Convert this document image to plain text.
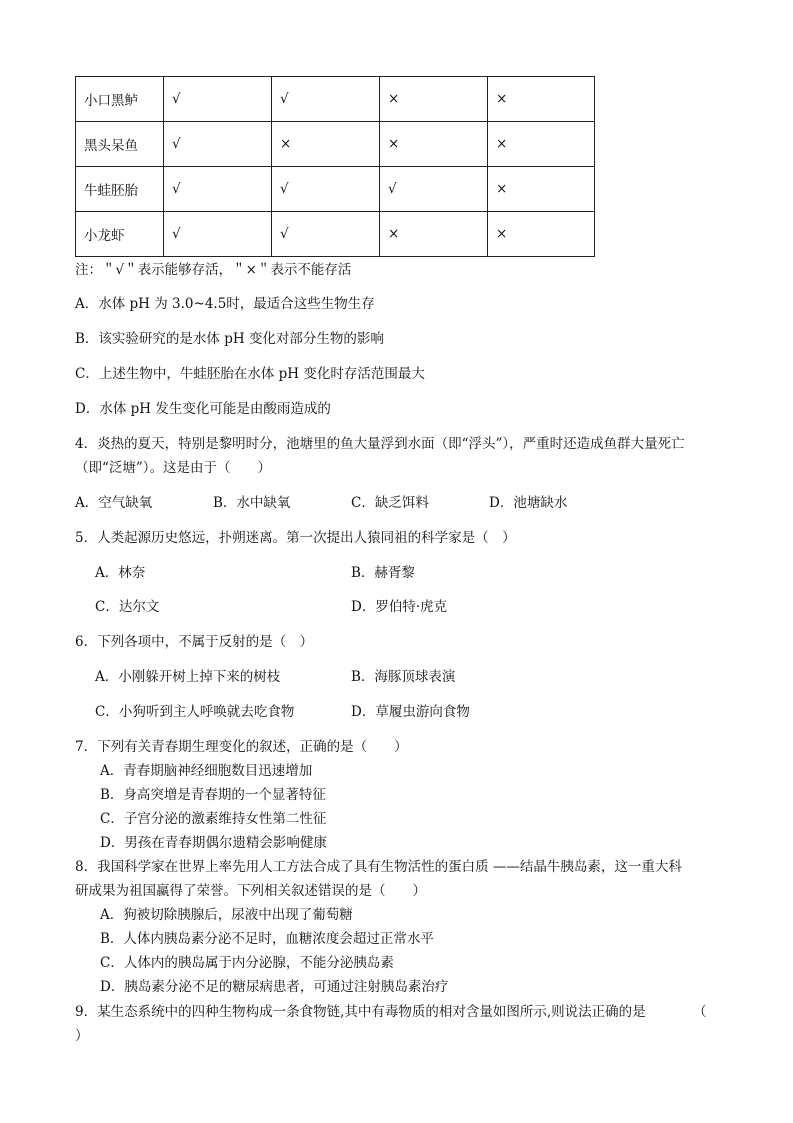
小口黑鲈	√	√	×	×
黑头呆鱼	√	×	×	×
牛蛙胚胎	√	√	√	×
小龙虾	√	√	×	×
注：＂√＂表示能够存活，＂×＂表示不能存活
A．水体 pH 为 3.0~4.5时，最适合这些生物生存
B．该实验研究的是水体 pH 变化对部分生物的影响
C．上述生物中，牛蛙胚胎在水体 pH 变化时存活范围最大
D．水体 pH 发生变化可能是由酸雨造成的
4．炎热的夏天，特别是黎明时分，池塘里的鱼大量浮到水面（即“浮头”），严重时还造成鱼群大量死亡
（即“泛塘”）。这是由于（　　）
A．空气缺氧	B．水中缺氧	C．缺乏饵料	D．池塘缺水
5．人类起源历史悠远，扑朔迷离。第一次提出人猿同祖的科学家是（　）
A．林奈	B．赫胥黎
C．达尔文	D．罗伯特·虎克
6．下列各项中，不属于反射的是（　）
A．小刚躲开树上掉下来的树枝	B．海豚顶球表演
C．小狗听到主人呼唤就去吃食物	D．草履虫游向食物
7．下列有关青春期生理变化的叙述，正确的是（　　）
A．青春期脑神经细胞数目迅速增加
B．身高突增是青春期的一个显著特征
C．子宫分泌的激素维持女性第二性征
D．男孩在青春期偶尔遗精会影响健康
8．我国科学家在世界上率先用人工方法合成了具有生物活性的蛋白质 ——结晶牛胰岛素，这一重大科
研成果为祖国赢得了荣誉。下列相关叙述错误的是（　　）
A．狗被切除胰腺后，尿液中出现了葡萄糖
B．人体内胰岛素分泌不足时，血糖浓度会超过正常水平
C．人体内的胰岛属于内分泌腺，不能分泌胰岛素
D．胰岛素分泌不足的糖尿病患者，可通过注射胰岛素治疗
9．某生态系统中的四种生物构成一条食物链,其中有毒物质的相对含量如图所示,则说法正确的是	（
）
